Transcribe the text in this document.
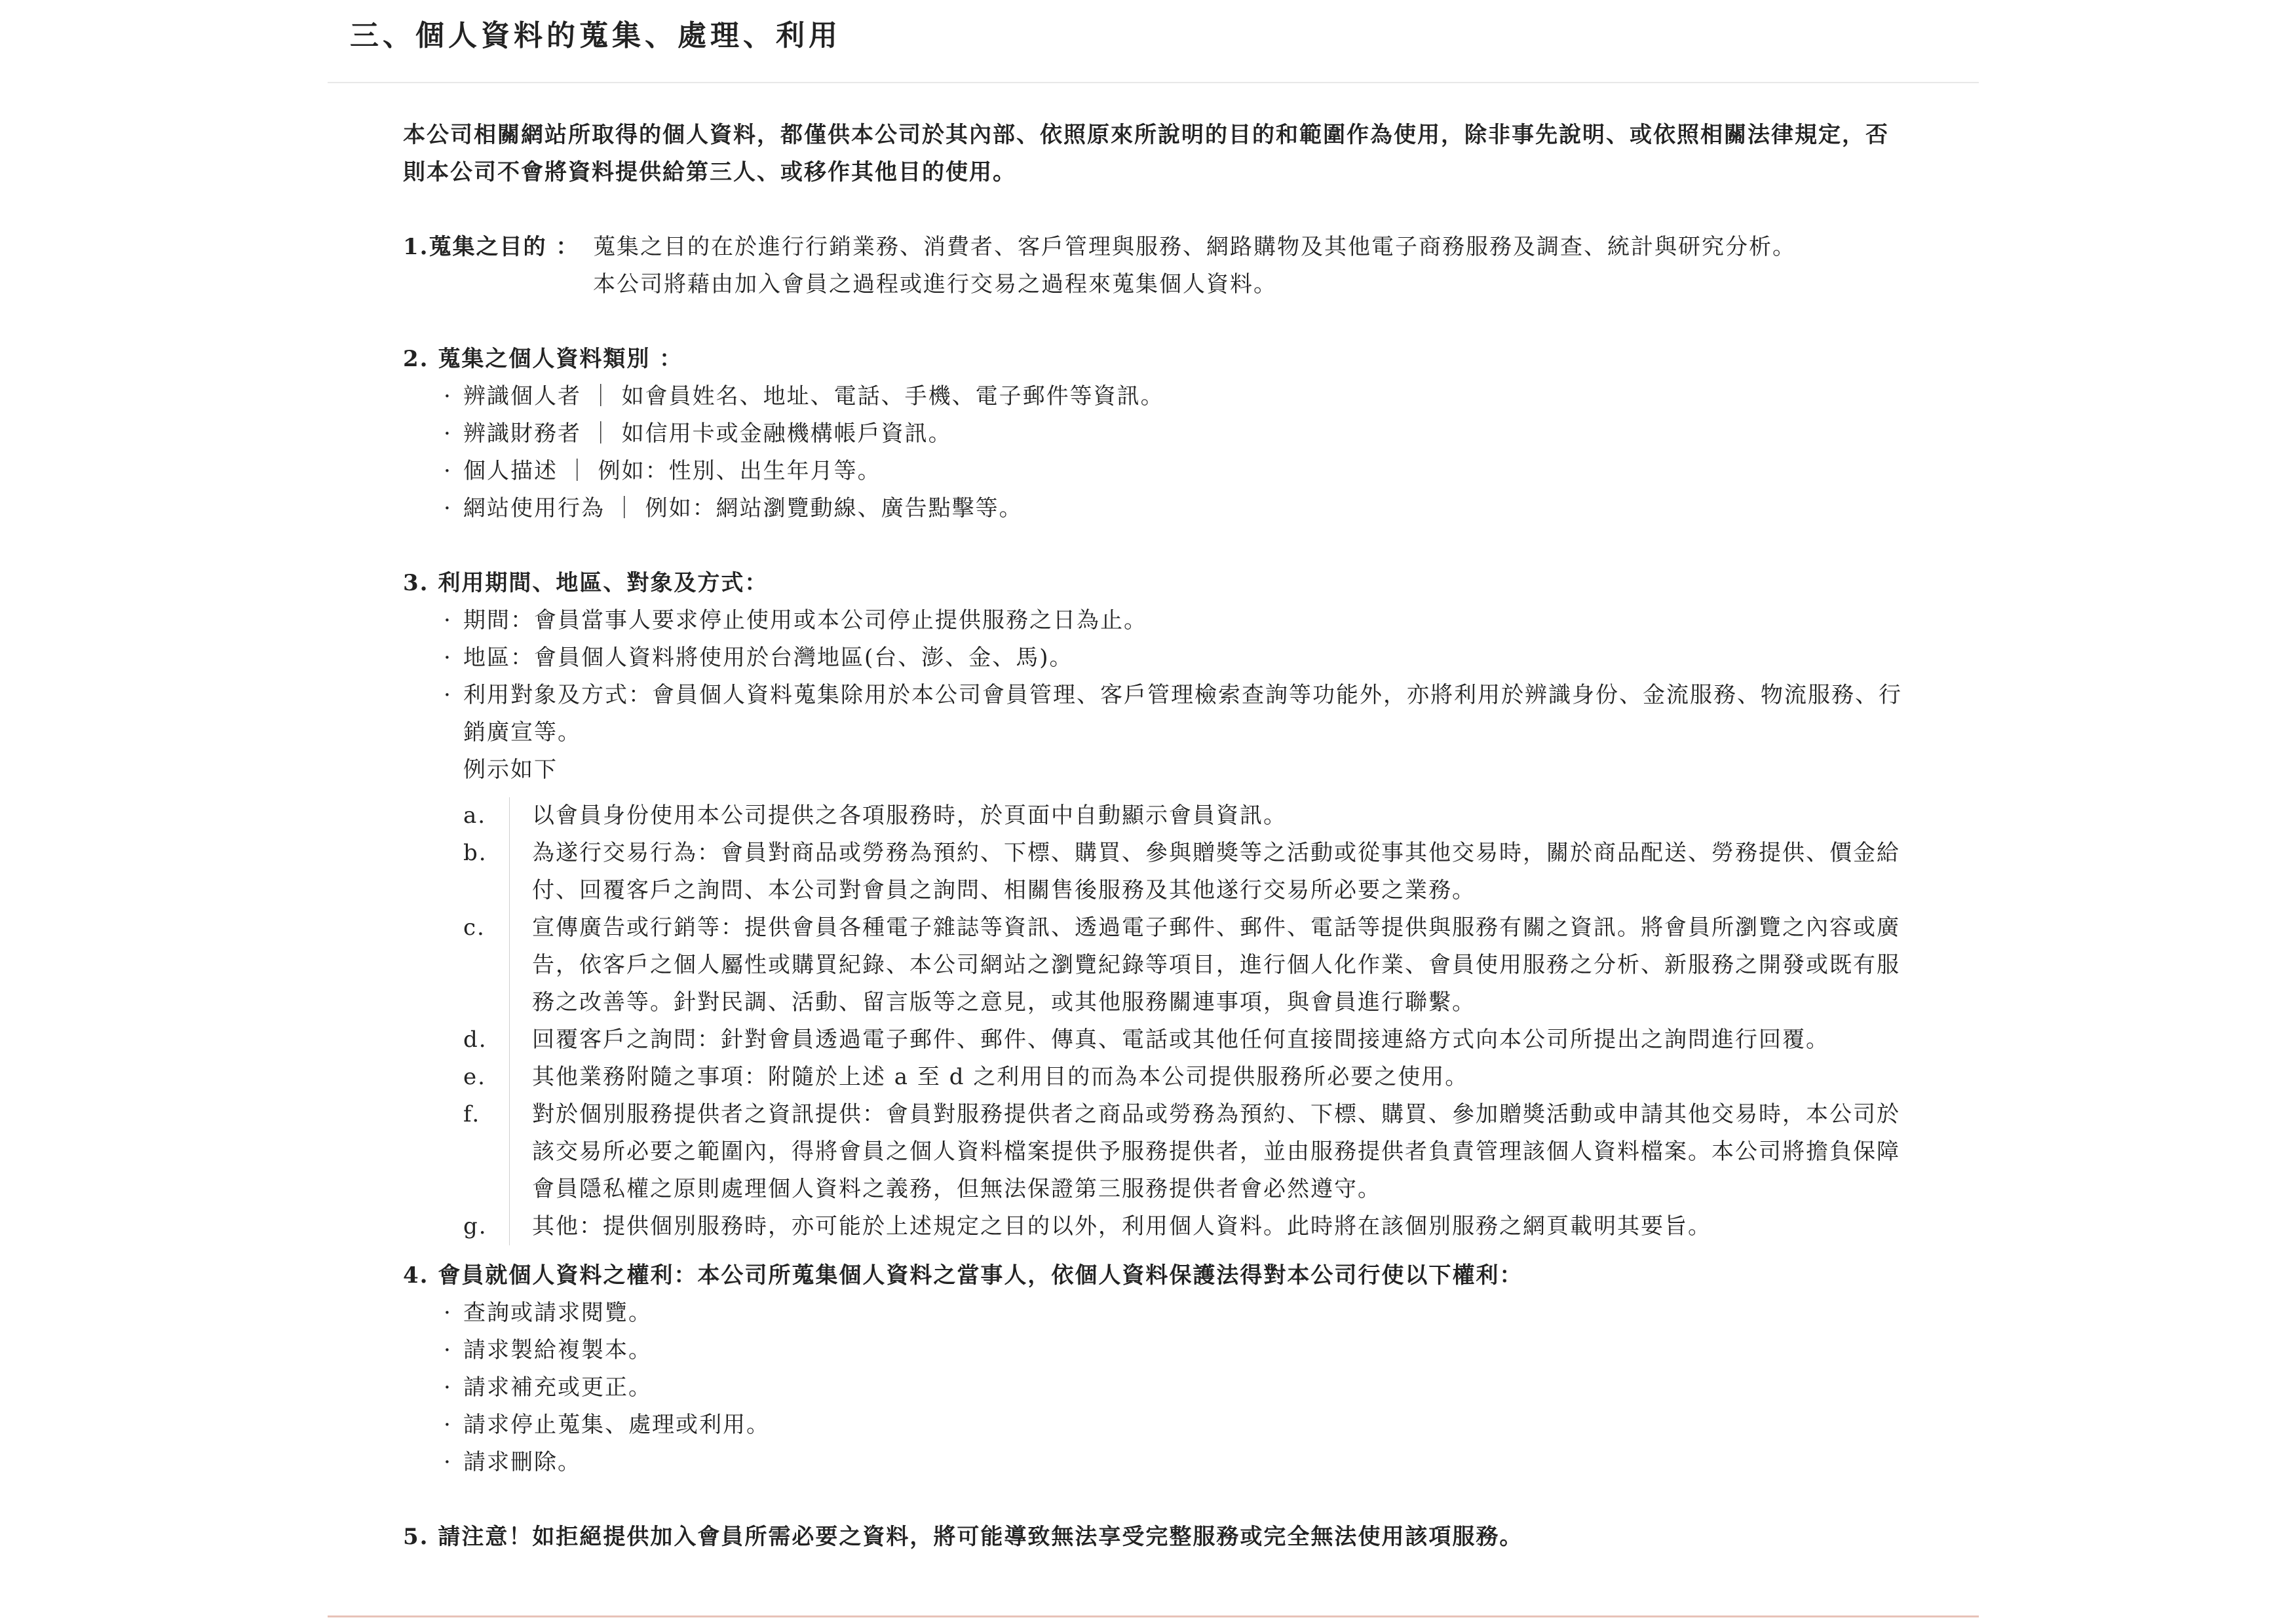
三、個人資料的蒐集、處理、利用

本公司相關網站所取得的個人資料，都僅供本公司於其內部、依照原來所說明的目的和範圍作為使用，除非事先說明、或依照相關法律規定，否則本公司不會將資料提供給第三人、或移作其他目的使用。

1.蒐集之目的 ： 蒐集之目的在於進行行銷業務、消費者、客戶管理與服務、網路購物及其他電子商務服務及調查、統計與研究分析。
本公司將藉由加入會員之過程或進行交易之過程來蒐集個人資料。
2.
蒐集之個人資料類別 ：
· 辨識個人者 ｜ 如會員姓名、地址、電話、手機、電子郵件等資訊。
· 辨識財務者 ｜ 如信用卡或金融機構帳戶資訊。
· 個人描述 ｜ 例如：性別、出生年月等。
· 網站使用行為 ｜ 例如：網站瀏覽動線、廣告點擊等。
3.
利用期間、地區、對象及方式：
· 期間：會員當事人要求停止使用或本公司停止提供服務之日為止。
· 地區：會員個人資料將使用於台灣地區(台、澎、金、馬)。
· 利用對象及方式：會員個人資料蒐集除用於本公司會員管理、客戶管理檢索查詢等功能外，亦將利用於辨識身份、金流服務、物流服務、行銷廣宣等。
例示如下
a.	以會員身份使用本公司提供之各項服務時，於頁面中自動顯示會員資訊。
b.	為遂行交易行為：會員對商品或勞務為預約、下標、購買、參與贈獎等之活動或從事其他交易時，關於商品配送、勞務提供、價金給付、回覆客戶之詢問、本公司對會員之詢問、相關售後服務及其他遂行交易所必要之業務。
c.	宣傳廣告或行銷等：提供會員各種電子雜誌等資訊、透過電子郵件、郵件、電話等提供與服務有關之資訊。將會員所瀏覽之內容或廣告，依客戶之個人屬性或購買紀錄、本公司網站之瀏覽紀錄等項目，進行個人化作業、會員使用服務之分析、新服務之開發或既有服務之改善等。針對民調、活動、留言版等之意見，或其他服務關連事項，與會員進行聯繫。
d.	回覆客戶之詢問：針對會員透過電子郵件、郵件、傳真、電話或其他任何直接間接連絡方式向本公司所提出之詢問進行回覆。
e.	其他業務附隨之事項：附隨於上述 a 至 d 之利用目的而為本公司提供服務所必要之使用。
f.	對於個別服務提供者之資訊提供：會員對服務提供者之商品或勞務為預約、下標、購買、參加贈獎活動或申請其他交易時，本公司於該交易所必要之範圍內，得將會員之個人資料檔案提供予服務提供者，並由服務提供者負責管理該個人資料檔案。本公司將擔負保障會員隱私權之原則處理個人資料之義務，但無法保證第三服務提供者會必然遵守。
g.	其他：提供個別服務時，亦可能於上述規定之目的以外，利用個人資料。此時將在該個別服務之網頁載明其要旨。
4.
會員就個人資料之權利：本公司所蒐集個人資料之當事人，依個人資料保護法得對本公司行使以下權利：
· 查詢或請求閱覽。
· 請求製給複製本。
· 請求補充或更正。
· 請求停止蒐集、處理或利用。
· 請求刪除。
5.
請注意！如拒絕提供加入會員所需必要之資料，將可能導致無法享受完整服務或完全無法使用該項服務。
